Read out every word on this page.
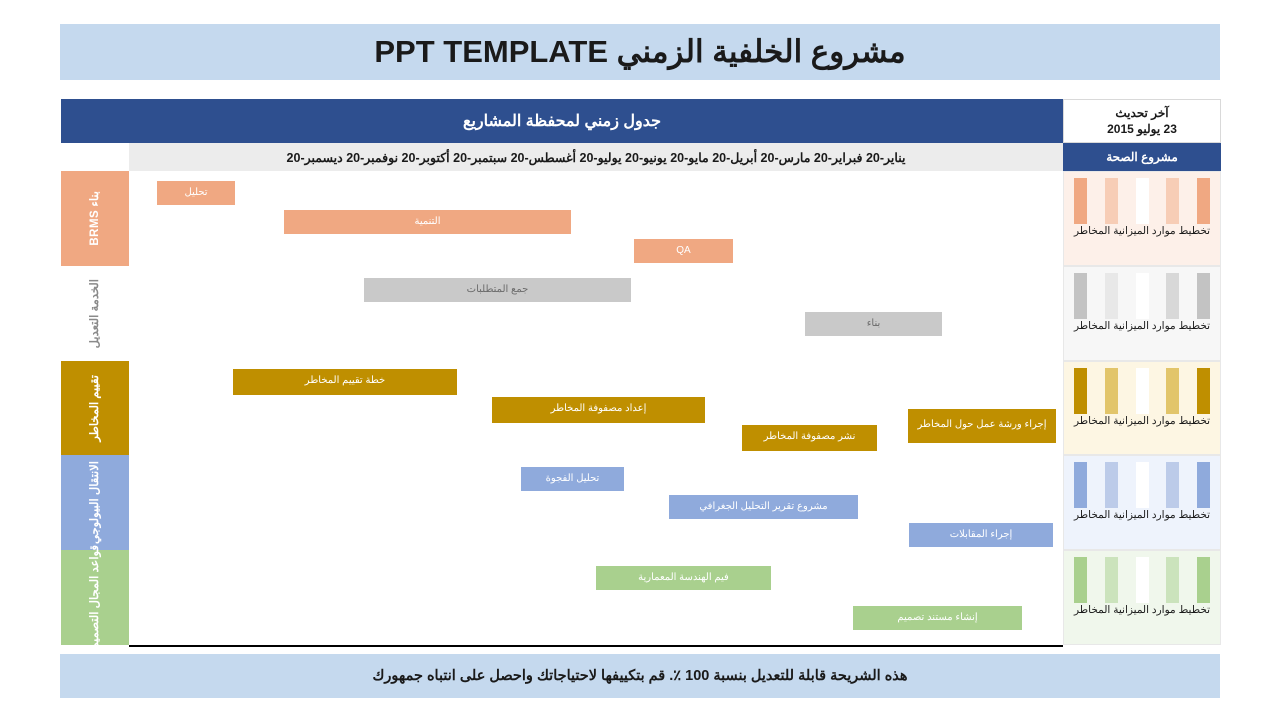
مشروع الخلفية الزمني PPT TEMPLATE
جدول زمني لمحفظة المشاريع
آخر تحديث
23 يوليو 2015
يناير-20 فبراير-20 مارس-20 أبريل-20 مايو-20 يونيو-20 يوليو-20 أغسطس-20 سبتمبر-20 أكتوبر-20 نوفمبر-20 ديسمبر-20	مشروع الصحة
بناء BRMS	تحليل
التنمية
QA
تخطيط موارد الميزانية المخاطر
الخدمة التعديل	جمع المتطلبات
بناء	تخطيط موارد الميزانية المخاطر
تقييم المخاطر	خطة تقييم المخاطر
إعداد مصفوفة المخاطر
نشر مصفوفة المخاطر
إجراء ورشة عمل حول المخاطر	تخطيط موارد الميزانية المخاطر
الانتقال البيولوجي	تحليل الفجوة
مشروع تقرير التحليل الجغرافي
إجراء المقابلات
تخطيط موارد الميزانية المخاطر
قواعد المجال التصميم	فيم الهندسة المعمارية
إنشاء مستند تصميم
تخطيط موارد الميزانية المخاطر
هذه الشريحة قابلة للتعديل بنسبة 100 ٪. قم بتكييفها لاحتياجاتك واحصل على انتباه جمهورك
